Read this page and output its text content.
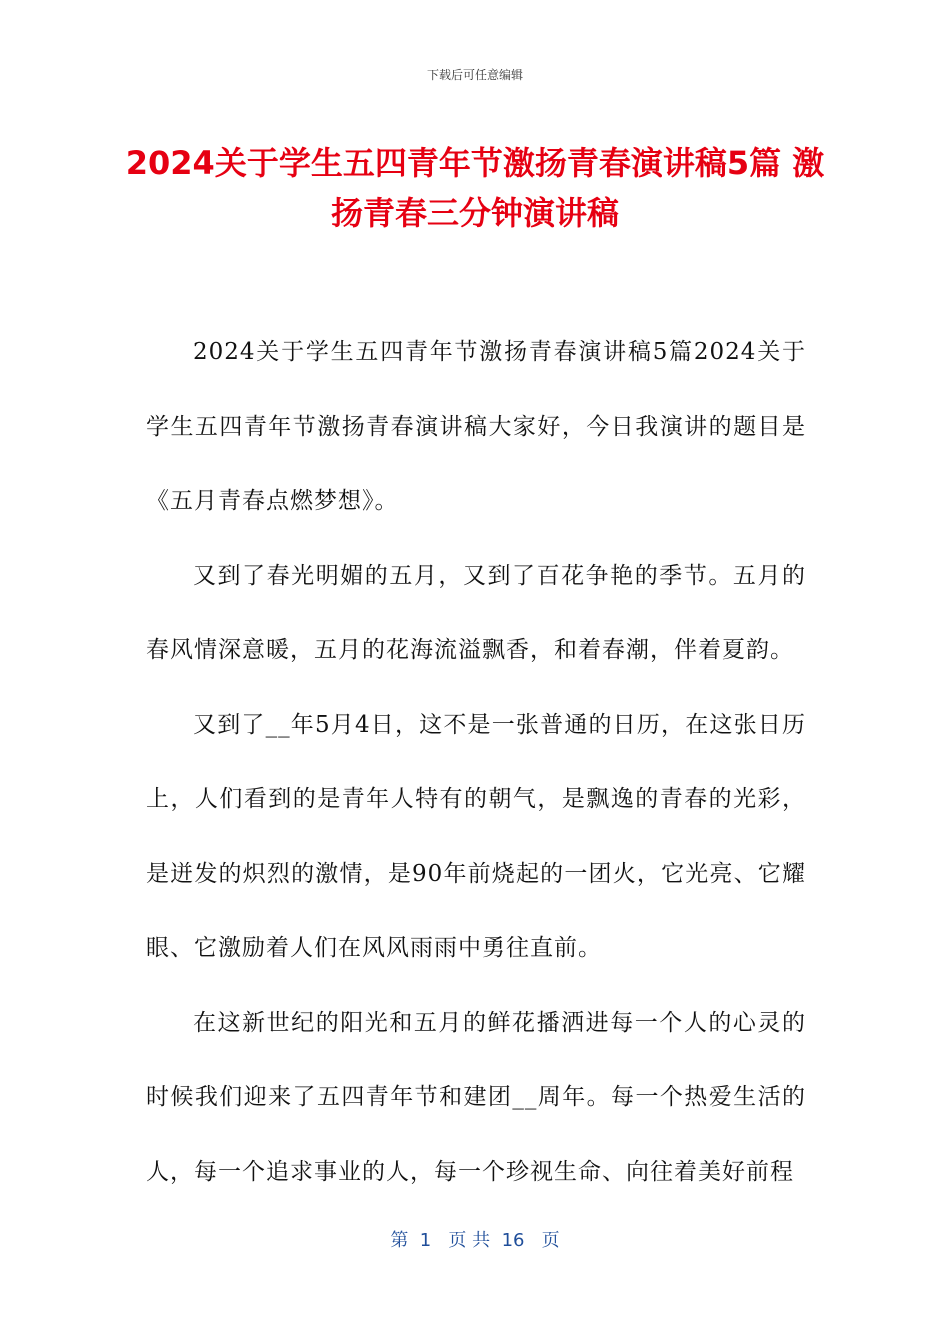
下载后可任意编辑
2024关于学生五四青年节激扬青春演讲稿5篇 激扬青春三分钟演讲稿

2024关于学生五四青年节激扬青春演讲稿5篇2024关于学生五四青年节激扬青春演讲稿大家好，今日我演讲的题目是《五月青春点燃梦想》。

又到了春光明媚的五月，又到了百花争艳的季节。五月的春风情深意暖，五月的花海流溢飘香，和着春潮，伴着夏韵。

又到了__年5月4日，这不是一张普通的日历，在这张日历上，人们看到的是青年人特有的朝气，是飘逸的青春的光彩，是迸发的炽烈的激情，是90年前烧起的一团火，它光亮、它耀眼、它激励着人们在风风雨雨中勇往直前。

在这新世纪的阳光和五月的鲜花播洒进每一个人的心灵的时候我们迎来了五四青年节和建团__周年。每一个热爱生活的人，每一个追求事业的人，每一个珍视生命、向往着美好前程

第  1   页 共  16   页
